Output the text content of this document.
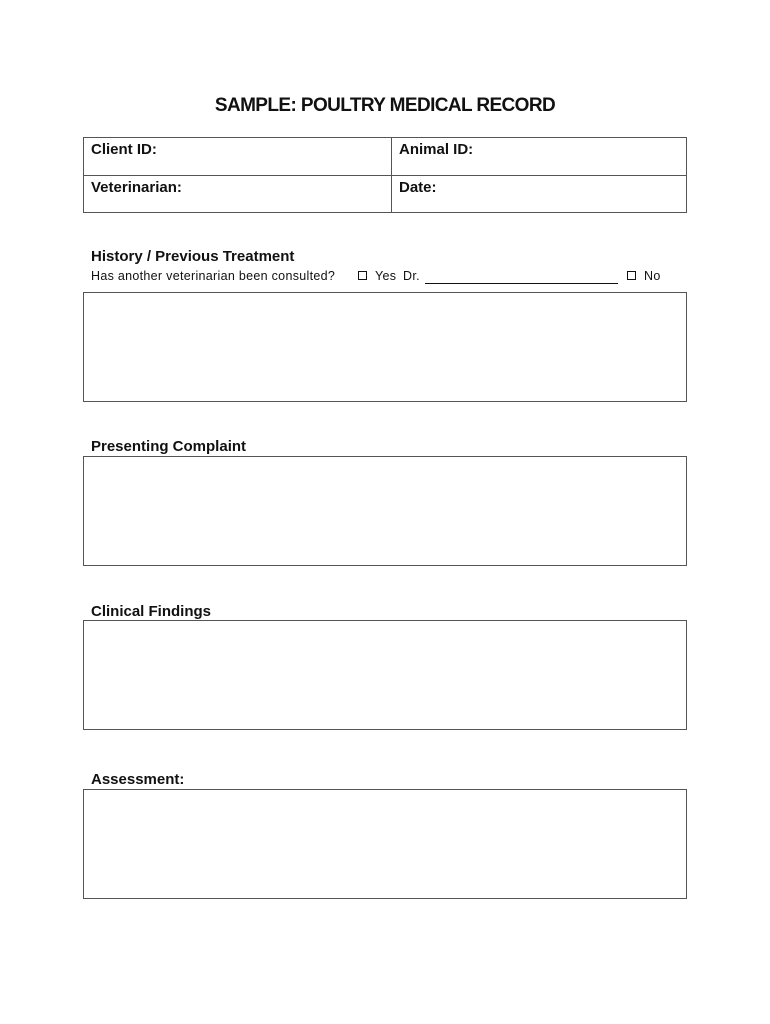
SAMPLE: POULTRY MEDICAL RECORD
Client ID:	Animal ID:
Veterinarian:	Date:
History / Previous Treatment
Has another veterinarian been consulted?	Yes Dr.	No
Presenting Complaint
Clinical Findings
Assessment:
